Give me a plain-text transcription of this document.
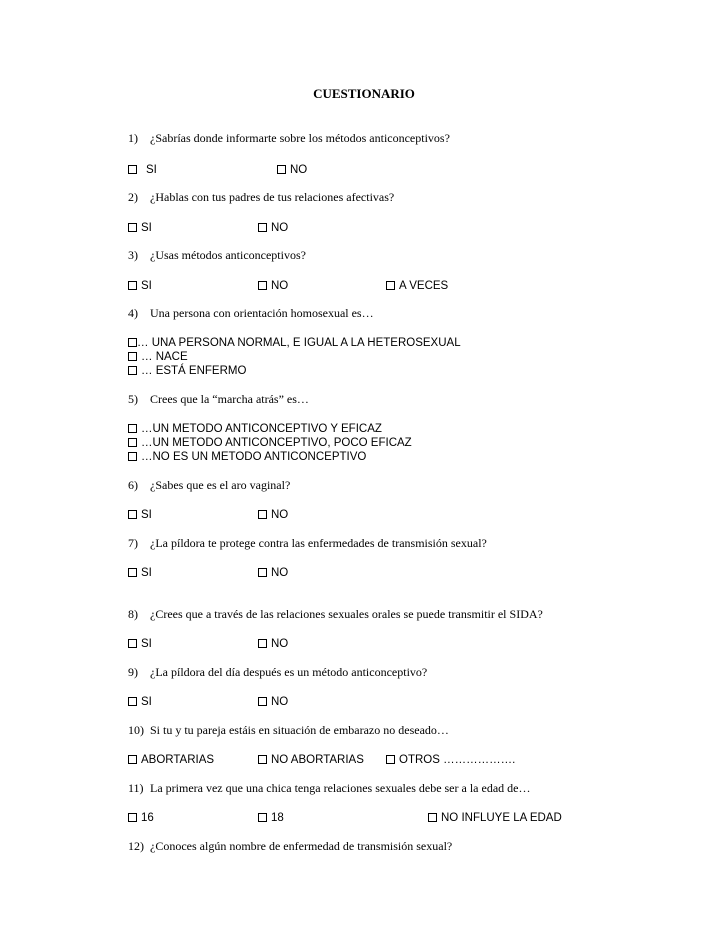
CUESTIONARIO
1) ¿Sabrías donde informarte sobre los métodos anticonceptivos?
SI	NO
2) ¿Hablas con tus padres de tus relaciones afectivas?
SI	NO
3) ¿Usas métodos anticonceptivos?
SI	NO	A VECES
4) Una persona con orientación homosexual es…
… UNA PERSONA NORMAL, E IGUAL A LA HETEROSEXUAL
… NACE
… ESTÁ ENFERMO
5) Crees que la “marcha atrás” es…
…UN METODO ANTICONCEPTIVO Y EFICAZ
…UN METODO ANTICONCEPTIVO, POCO EFICAZ
…NO ES UN METODO ANTICONCEPTIVO
6) ¿Sabes que es el aro vaginal?
SI	NO
7) ¿La píldora te protege contra las enfermedades de transmisión sexual?
SI	NO
8) ¿Crees que a través de las relaciones sexuales orales se puede transmitir el SIDA?
SI	NO
9) ¿La píldora del día después es un método anticonceptivo?
SI	NO
10) Si tu y tu pareja estáis en situación de embarazo no deseado…
ABORTARIAS	NO ABORTARIAS	OTROS ……………….
11) La primera vez que una chica tenga relaciones sexuales debe ser a la edad de…
16	18	NO INFLUYE LA EDAD
12) ¿Conoces algún nombre de enfermedad de transmisión sexual?
